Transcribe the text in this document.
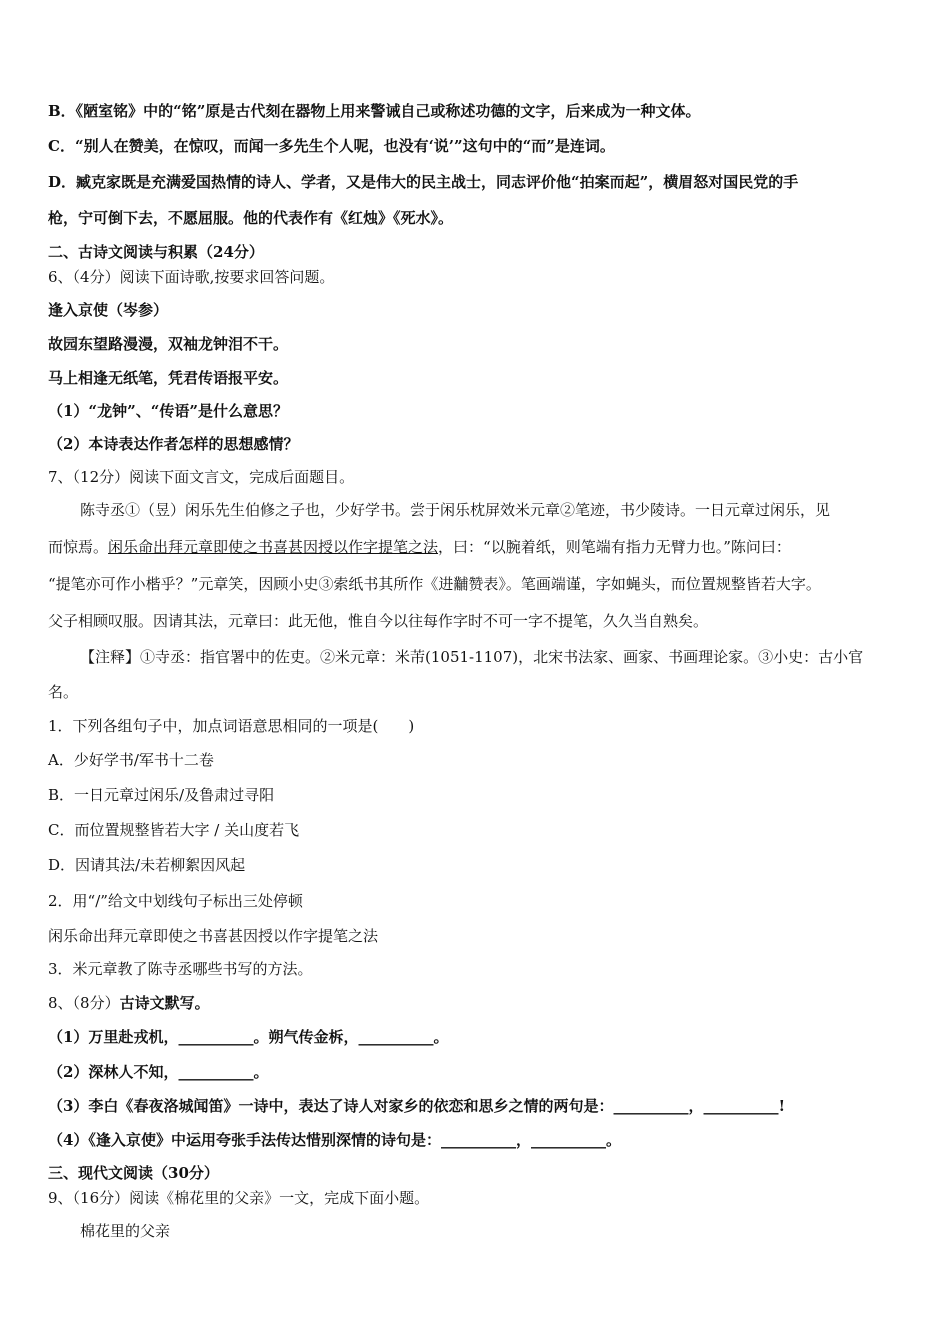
B．《陋室铭》中的“铭”原是古代刻在器物上用来警诫自己或称述功德的文字，后来成为一种文体。
C．“别人在赞美，在惊叹，而闻一多先生个人呢，也没有‘说’”这句中的“而”是连词。
D．臧克家既是充满爱国热情的诗人、学者，又是伟大的民主战士，同志评价他“拍案而起”，横眉怒对国民党的手
枪，宁可倒下去，不愿屈服。他的代表作有《红烛》《死水》。
二、古诗文阅读与积累（24分）
6、（4分）阅读下面诗歌,按要求回答问题。
逢入京使（岑参）
故园东望路漫漫，双袖龙钟泪不干。
马上相逢无纸笔，凭君传语报平安。
（1）“龙钟”、“传语”是什么意思？
（2）本诗表达作者怎样的思想感情？
7、（12分）阅读下面文言文，完成后面题目。
陈寺丞①（昱）闲乐先生伯修之子也，少好学书。尝于闲乐枕屏效米元章②笔迹，书少陵诗。一日元章过闲乐，见
而惊焉。闲乐命出拜元章即使之书喜甚因授以作字提笔之法，曰：“以腕着纸，则笔端有指力无臂力也。”陈问曰：
“提笔亦可作小楷乎？”元章笑，因顾小史③索纸书其所作《进黼赞表》。笔画端谨，字如蝇头，而位置规整皆若大字。
父子相顾叹服。因请其法，元章曰：此无他，惟自今以往每作字时不可一字不提笔，久久当自熟矣。
【注释】①寺丞：指官署中的佐吏。②米元章：米芾(1051-1107)，北宋书法家、画家、书画理论家。③小史：古小官
名。
1．下列各组句子中，加点词语意思相同的一项是(　　)
A．少好学书/军书十二卷
B．一日元章过闲乐/及鲁肃过寻阳
C．而位置规整皆若大字 / 关山度若飞
D．因请其法/未若柳絮因风起
2．用“/”给文中划线句子标出三处停顿
闲乐命出拜元章即使之书喜甚因授以作字提笔之法
3．米元章教了陈寺丞哪些书写的方法。
8、（8分）古诗文默写。
（1）万里赴戎机，__________。朔气传金柝，__________。
（2）深林人不知，__________。
（3）李白《春夜洛城闻笛》一诗中，表达了诗人对家乡的依恋和思乡之情的两句是：__________，__________!
（4）《逢入京使》中运用夸张手法传达惜别深情的诗句是：__________，__________。
三、现代文阅读（30分）
9、（16分）阅读《棉花里的父亲》一文，完成下面小题。
棉花里的父亲
